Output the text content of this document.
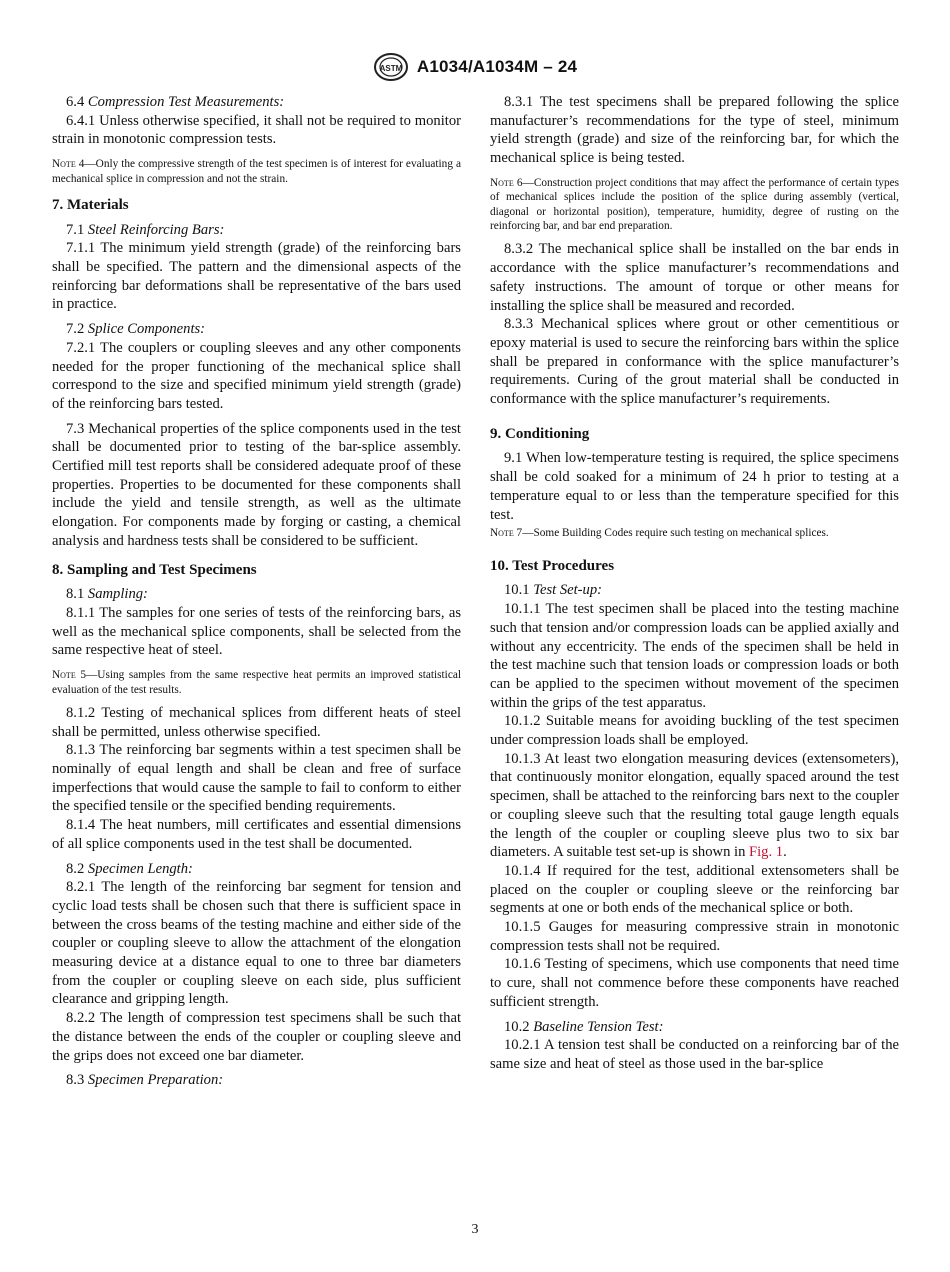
ASTM A1034/A1034M – 24

6.4 Compression Test Measurements:

6.4.1 Unless otherwise specified, it shall not be required to monitor strain in monotonic compression tests.

Note 4—Only the compressive strength of the test specimen is of interest for evaluating a mechanical splice in compression and not the strain.

7. Materials

7.1 Steel Reinforcing Bars:

7.1.1 The minimum yield strength (grade) of the reinforcing bars shall be specified. The pattern and the dimensional aspects of the reinforcing bar deformations shall be representative of the bars used in practice.

7.2 Splice Components:

7.2.1 The couplers or coupling sleeves and any other components needed for the proper functioning of the mechanical splice shall correspond to the size and specified minimum yield strength (grade) of the reinforcing bars tested.

7.3 Mechanical properties of the splice components used in the test shall be documented prior to testing of the bar-splice assembly. Certified mill test reports shall be considered adequate proof of these properties. Properties to be documented for these components shall include the yield and tensile strength, as well as the ultimate elongation. For components made by forging or casting, a chemical analysis and hardness tests shall be considered to be sufficient.

8. Sampling and Test Specimens

8.1 Sampling:

8.1.1 The samples for one series of tests of the reinforcing bars, as well as the mechanical splice components, shall be selected from the same respective heat of steel.

Note 5—Using samples from the same respective heat permits an improved statistical evaluation of the test results.

8.1.2 Testing of mechanical splices from different heats of steel shall be permitted, unless otherwise specified.

8.1.3 The reinforcing bar segments within a test specimen shall be nominally of equal length and shall be clean and free of surface imperfections that would cause the sample to fail to conform to either the specified tensile or the specified bending requirements.

8.1.4 The heat numbers, mill certificates and essential dimensions of all splice components used in the test shall be documented.

8.2 Specimen Length:

8.2.1 The length of the reinforcing bar segment for tension and cyclic load tests shall be chosen such that there is sufficient space in between the cross beams of the testing machine and either side of the coupler or coupling sleeve to allow the attachment of the elongation measuring device at a distance equal to one to three bar diameters from the coupler or coupling sleeve on each side, plus sufficient clearance and gripping length.

8.2.2 The length of compression test specimens shall be such that the distance between the ends of the coupler or coupling sleeve and the grips does not exceed one bar diameter.

8.3 Specimen Preparation:

8.3.1 The test specimens shall be prepared following the splice manufacturer’s recommendations for the type of steel, minimum yield strength (grade) and size of the reinforcing bar, for which the mechanical splice is being tested.

Note 6—Construction project conditions that may affect the performance of certain types of mechanical splices include the position of the splice during assembly (vertical, diagonal or horizontal position), temperature, humidity, degree of rusting on the reinforcing bar, and bar end preparation.

8.3.2 The mechanical splice shall be installed on the bar ends in accordance with the splice manufacturer’s recommendations and safety instructions. The amount of torque or other means for installing the splice shall be measured and recorded.

8.3.3 Mechanical splices where grout or other cementitious or epoxy material is used to secure the reinforcing bars within the splice shall be prepared in conformance with the splice manufacturer’s requirements. Curing of the grout material shall be conducted in conformance with the splice manufacturer’s requirements.

9. Conditioning

9.1 When low-temperature testing is required, the splice specimens shall be cold soaked for a minimum of 24 h prior to testing at a temperature equal to or less than the temperature specified for this test.

Note 7—Some Building Codes require such testing on mechanical splices.

10. Test Procedures

10.1 Test Set-up:

10.1.1 The test specimen shall be placed into the testing machine such that tension and/or compression loads can be applied axially and without any eccentricity. The ends of the specimen shall be held in the test machine such that tension loads or compression loads or both can be applied to the specimen without movement of the specimen within the grips of the test apparatus.

10.1.2 Suitable means for avoiding buckling of the test specimen under compression loads shall be employed.

10.1.3 At least two elongation measuring devices (extensometers), that continuously monitor elongation, equally spaced around the test specimen, shall be attached to the reinforcing bars next to the coupler or coupling sleeve such that the resulting total gauge length equals the length of the coupler or coupling sleeve plus two to six bar diameters. A suitable test set-up is shown in Fig. 1.

10.1.4 If required for the test, additional extensometers shall be placed on the coupler or coupling sleeve or the reinforcing bar segments at one or both ends of the mechanical splice or both.

10.1.5 Gauges for measuring compressive strain in monotonic compression tests shall not be required.

10.1.6 Testing of specimens, which use components that need time to cure, shall not commence before these components have reached sufficient strength.

10.2 Baseline Tension Test:

10.2.1 A tension test shall be conducted on a reinforcing bar of the same size and heat of steel as those used in the bar-splice

3
